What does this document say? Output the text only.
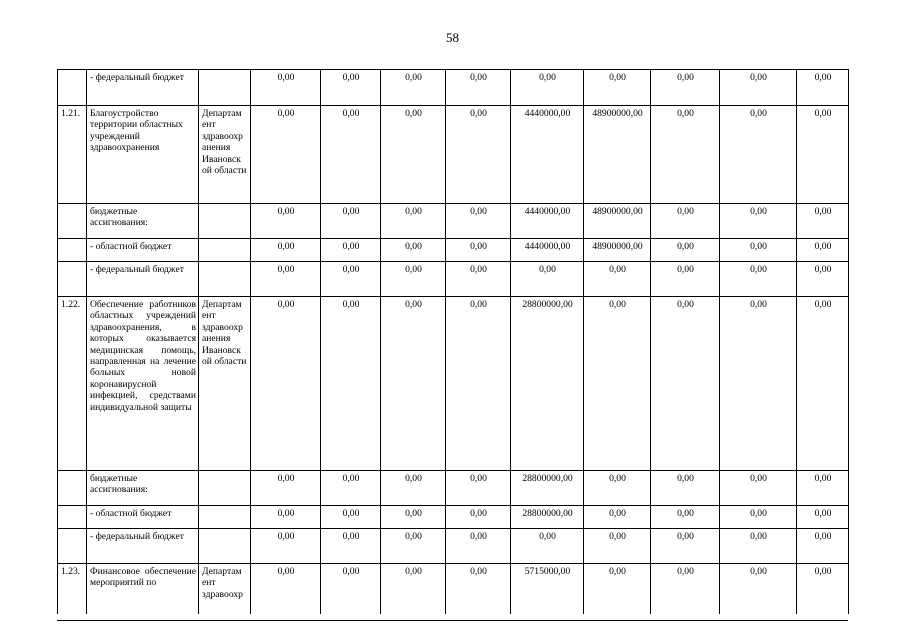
58
	- федеральный бюджет		0,00	0,00	0,00	0,00	0,00	0,00	0,00	0,00	0,00
1.21.	Благоустройство территории областных учреждений здравоохранения	Департам ент здравоохр анения Ивановск ой области	0,00	0,00	0,00	0,00	4440000,00	48900000,00	0,00	0,00	0,00
	бюджетные ассигнования:		0,00	0,00	0,00	0,00	4440000,00	48900000,00	0,00	0,00	0,00
	- областной бюджет		0,00	0,00	0,00	0,00	4440000,00	48900000,00	0,00	0,00	0,00
	- федеральный бюджет		0,00	0,00	0,00	0,00	0,00	0,00	0,00	0,00	0,00
1.22.	Обеспечение работников областных учреждений здравоохранения, в которых оказывается медицинская помощь, направленная на лечение больных новой коронавирусной инфекцией, средствами индивидуальной защиты	Департам ент здравоохр анения Ивановск ой области	0,00	0,00	0,00	0,00	28800000,00	0,00	0,00	0,00	0,00
	бюджетные ассигнования:		0,00	0,00	0,00	0,00	28800000,00	0,00	0,00	0,00	0,00
	- областной бюджет		0,00	0,00	0,00	0,00	28800000,00	0,00	0,00	0,00	0,00
	- федеральный бюджет		0,00	0,00	0,00	0,00	0,00	0,00	0,00	0,00	0,00
1.23.	Финансовое обеспечение мероприятий по	Департам ент здравоохр	0,00	0,00	0,00	0,00	5715000,00	0,00	0,00	0,00	0,00
